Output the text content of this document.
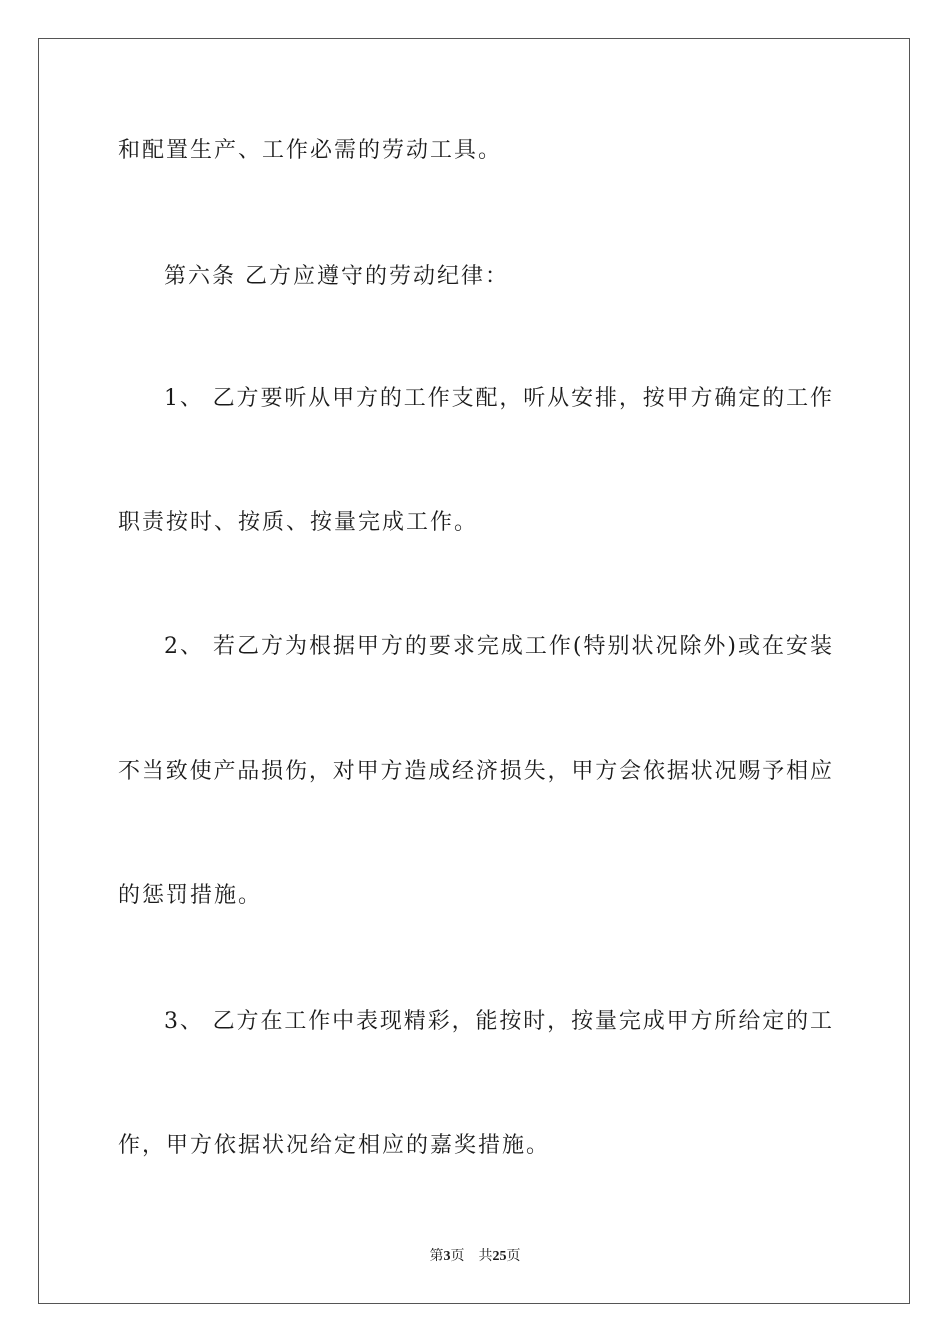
和配置生产、工作必需的劳动工具。
第六条 乙方应遵守的劳动纪律：
1、 乙方要听从甲方的工作支配，听从安排，按甲方确定的工作
职责按时、按质、按量完成工作。
2、 若乙方为根据甲方的要求完成工作(特别状况除外)或在安装
不当致使产品损伤，对甲方造成经济损失，甲方会依据状况赐予相应
的惩罚措施。
3、 乙方在工作中表现精彩，能按时，按量完成甲方所给定的工
作，甲方依据状况给定相应的嘉奖措施。
第3页 共25页
